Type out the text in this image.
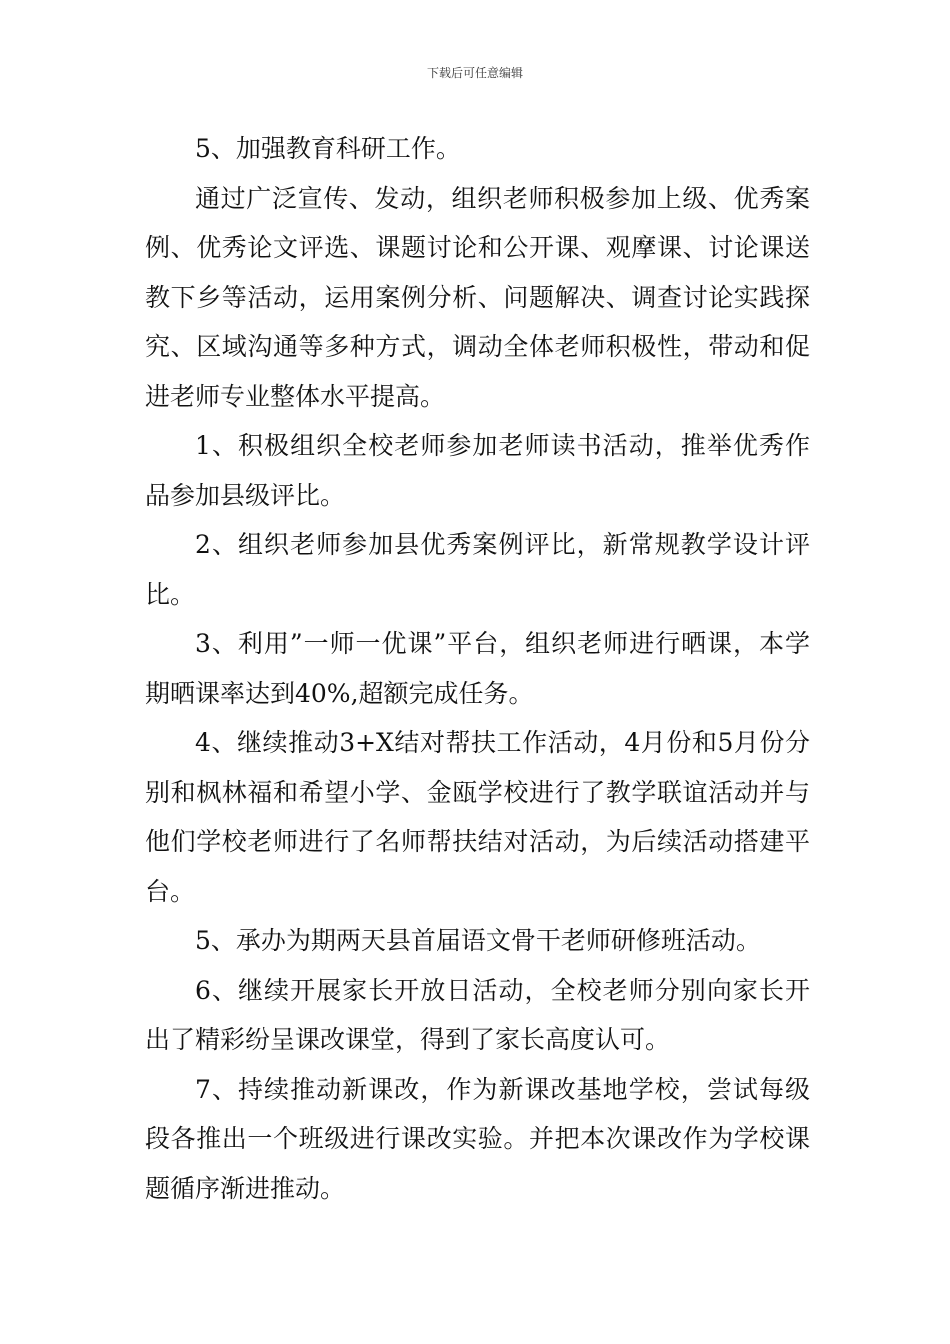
下载后可任意编辑

5、加强教育科研工作。

通过广泛宣传、发动，组织老师积极参加上级、优秀案例、优秀论文评选、课题讨论和公开课、观摩课、讨论课送教下乡等活动，运用案例分析、问题解决、调查讨论实践探究、区域沟通等多种方式，调动全体老师积极性，带动和促进老师专业整体水平提高。

1、积极组织全校老师参加老师读书活动，推举优秀作品参加县级评比。

2、组织老师参加县优秀案例评比，新常规教学设计评比。

3、利用”一师一优课”平台，组织老师进行晒课，本学期晒课率达到40%,超额完成任务。

4、继续推动3+X结对帮扶工作活动，4月份和5月份分别和枫林福和希望小学、金瓯学校进行了教学联谊活动并与他们学校老师进行了名师帮扶结对活动，为后续活动搭建平台。

5、承办为期两天县首届语文骨干老师研修班活动。

6、继续开展家长开放日活动，全校老师分别向家长开出了精彩纷呈课改课堂，得到了家长高度认可。

7、持续推动新课改，作为新课改基地学校，尝试每级段各推出一个班级进行课改实验。并把本次课改作为学校课题循序渐进推动。
